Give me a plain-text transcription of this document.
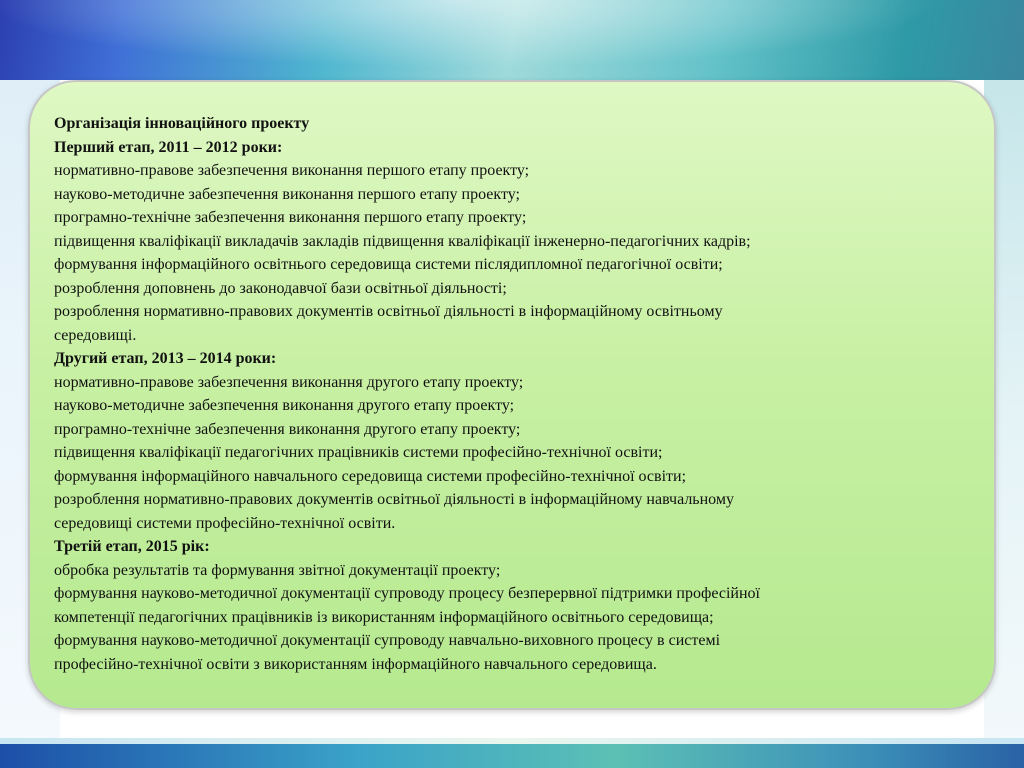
Організація інноваційного проекту
Перший етап, 2011 – 2012 роки:
нормативно-правове забезпечення виконання першого етапу проекту;
науково-методичне забезпечення виконання першого етапу проекту;
програмно-технічне забезпечення виконання першого етапу проекту;
підвищення кваліфікації викладачів закладів підвищення кваліфікації інженерно-педагогічних кадрів;
формування інформаційного освітнього середовища системи післядипломної педагогічної освіти;
розроблення доповнень до законодавчої бази освітньої діяльності;
розроблення нормативно-правових документів освітньої діяльності в інформаційному освітньому
середовищі.
Другий етап, 2013 – 2014 роки:
нормативно-правове забезпечення виконання другого етапу проекту;
науково-методичне забезпечення виконання другого етапу проекту;
програмно-технічне забезпечення виконання другого етапу проекту;
підвищення кваліфікації педагогічних працівників системи професійно-технічної освіти;
формування інформаційного навчального середовища системи професійно-технічної освіти;
розроблення нормативно-правових документів освітньої діяльності в інформаційному навчальному
середовищі системи професійно-технічної освіти.
Третій етап, 2015 рік:
обробка результатів та формування звітної документації проекту;
формування науково-методичної документації супроводу процесу безперервної підтримки професійної
компетенції педагогічних працівників із використанням інформаційного освітнього середовища;
формування науково-методичної документації супроводу навчально-виховного процесу в системі
професійно-технічної освіти з використанням інформаційного навчального середовища.
